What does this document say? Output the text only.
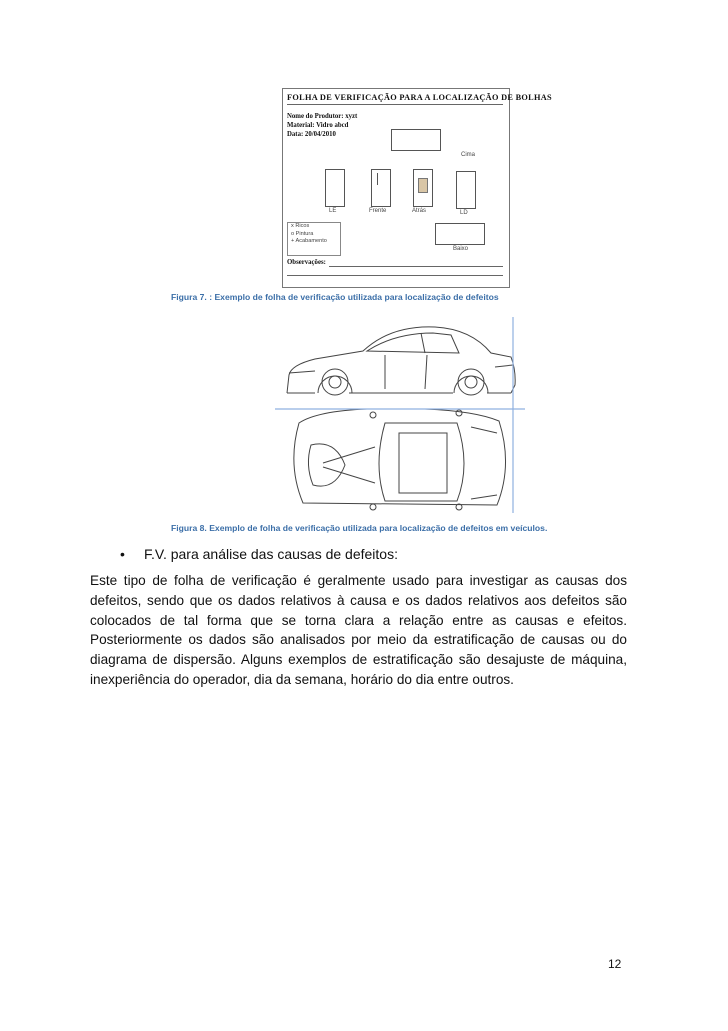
FOLHA DE VERIFICAÇÃO PARA A LOCALIZAÇÃO DE BOLHAS
Nome do Produtor: xyzt
Material: Vidro abcd
Data: 20/04/2010
Cima
LE	Frente	Atrás	LD
x Ricos
o Pintura
+ Acabamento
Baixo
Observações:
Figura 7. : Exemplo de folha de verificação utilizada para localização de defeitos
Figura 8. Exemplo de folha de verificação utilizada para localização de defeitos em veículos.
• F.V. para análise das causas de defeitos:
Este tipo de folha de verificação é geralmente usado para investigar as causas dos defeitos, sendo que os dados relativos à causa e os dados relativos aos defeitos são colocados de tal forma que se torna clara a relação entre as causas e efeitos. Posteriormente os dados são analisados por meio da estratificação de causas ou do diagrama de dispersão. Alguns exemplos de estratificação são desajuste de máquina, inexperiência do operador, dia da semana, horário do dia entre outros.
12
